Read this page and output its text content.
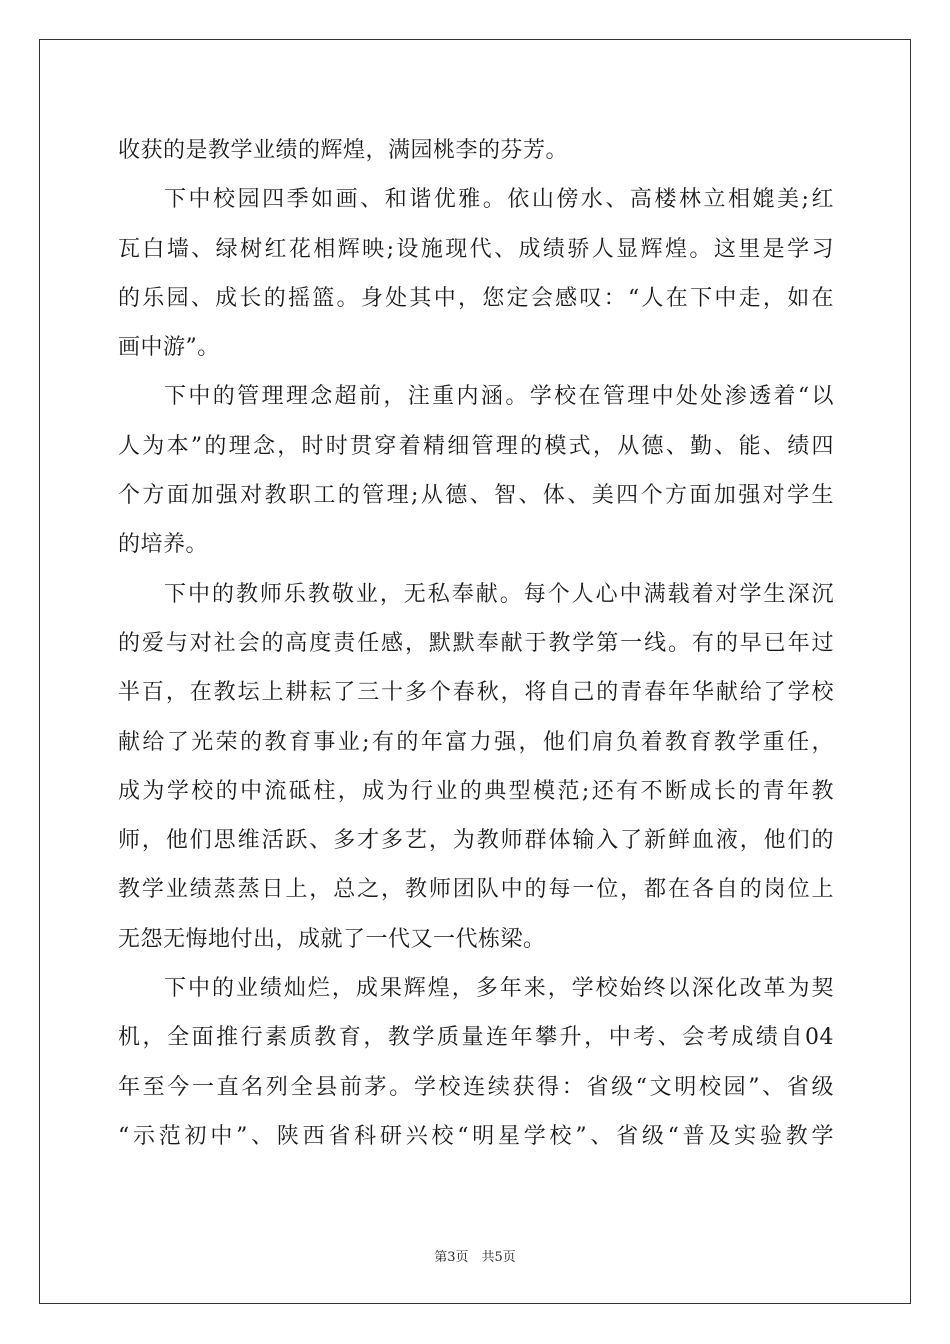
收获的是教学业绩的辉煌，满园桃李的芬芳。
下中校园四季如画、和谐优雅。依山傍水、高楼林立相媲美;红
瓦白墙、绿树红花相辉映;设施现代、成绩骄人显辉煌。这里是学习
的乐园、成长的摇篮。身处其中，您定会感叹：“人在下中走，如在
画中游”。
下中的管理理念超前，注重内涵。学校在管理中处处渗透着“以
人为本”的理念，时时贯穿着精细管理的模式，从德、勤、能、绩四
个方面加强对教职工的管理;从德、智、体、美四个方面加强对学生
的培养。
下中的教师乐教敬业，无私奉献。每个人心中满载着对学生深沉
的爱与对社会的高度责任感，默默奉献于教学第一线。有的早已年过
半百，在教坛上耕耘了三十多个春秋，将自己的青春年华献给了学校
献给了光荣的教育事业;有的年富力强，他们肩负着教育教学重任，
成为学校的中流砥柱，成为行业的典型模范;还有不断成长的青年教
师，他们思维活跃、多才多艺，为教师群体输入了新鲜血液，他们的
教学业绩蒸蒸日上，总之，教师团队中的每一位，都在各自的岗位上
无怨无悔地付出，成就了一代又一代栋梁。
下中的业绩灿烂，成果辉煌，多年来，学校始终以深化改革为契
机，全面推行素质教育，教学质量连年攀升，中考、会考成绩自04
年至今一直名列全县前茅。学校连续获得：省级“文明校园”、省级
“示范初中”、陕西省科研兴校“明星学校”、省级“普及实验教学
第3页　共5页
